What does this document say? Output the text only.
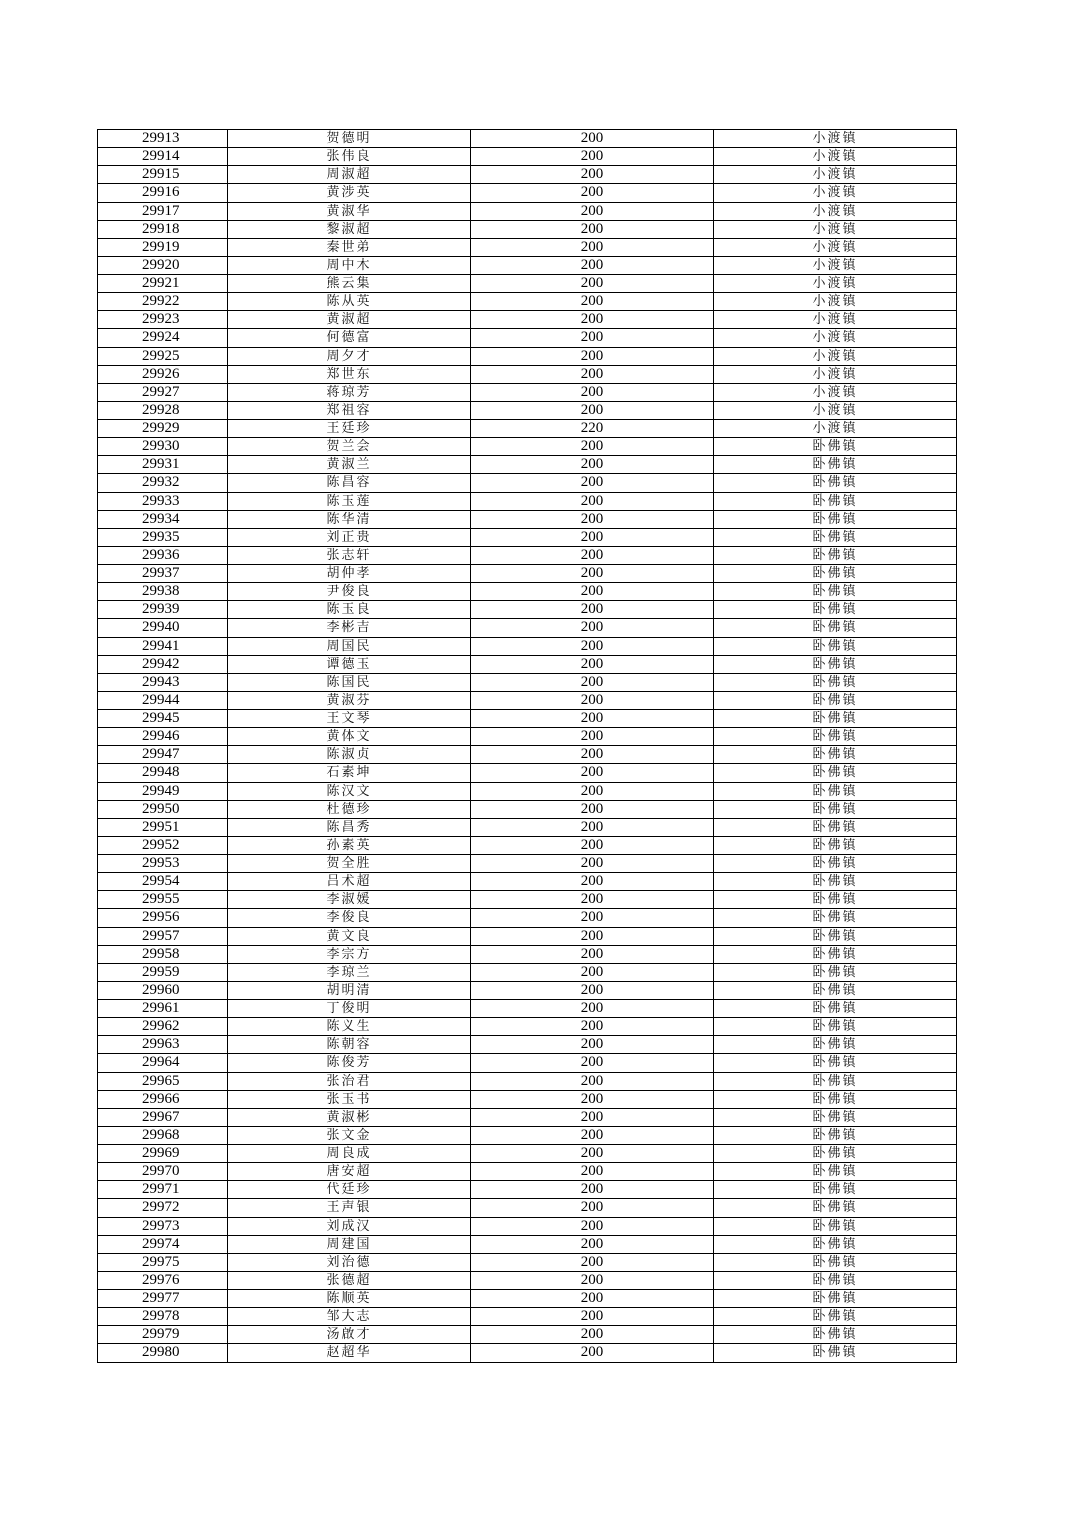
29913	贺德明	200	小渡镇
29914	张伟良	200	小渡镇
29915	周淑超	200	小渡镇
29916	黄涉英	200	小渡镇
29917	黄淑华	200	小渡镇
29918	黎淑超	200	小渡镇
29919	秦世弟	200	小渡镇
29920	周中木	200	小渡镇
29921	熊云集	200	小渡镇
29922	陈从英	200	小渡镇
29923	黄淑超	200	小渡镇
29924	何德富	200	小渡镇
29925	周夕才	200	小渡镇
29926	郑世东	200	小渡镇
29927	蒋琼芳	200	小渡镇
29928	郑祖容	200	小渡镇
29929	王廷珍	220	小渡镇
29930	贺兰会	200	卧佛镇
29931	黄淑兰	200	卧佛镇
29932	陈昌容	200	卧佛镇
29933	陈玉莲	200	卧佛镇
29934	陈华清	200	卧佛镇
29935	刘正贵	200	卧佛镇
29936	张志轩	200	卧佛镇
29937	胡仲孝	200	卧佛镇
29938	尹俊良	200	卧佛镇
29939	陈玉良	200	卧佛镇
29940	李彬吉	200	卧佛镇
29941	周国民	200	卧佛镇
29942	谭德玉	200	卧佛镇
29943	陈国民	200	卧佛镇
29944	黄淑芬	200	卧佛镇
29945	王文琴	200	卧佛镇
29946	黄体文	200	卧佛镇
29947	陈淑贞	200	卧佛镇
29948	石素坤	200	卧佛镇
29949	陈汉文	200	卧佛镇
29950	杜德珍	200	卧佛镇
29951	陈昌秀	200	卧佛镇
29952	孙素英	200	卧佛镇
29953	贺全胜	200	卧佛镇
29954	吕术超	200	卧佛镇
29955	李淑媛	200	卧佛镇
29956	李俊良	200	卧佛镇
29957	黄文良	200	卧佛镇
29958	李宗方	200	卧佛镇
29959	李琼兰	200	卧佛镇
29960	胡明清	200	卧佛镇
29961	丁俊明	200	卧佛镇
29962	陈义生	200	卧佛镇
29963	陈朝容	200	卧佛镇
29964	陈俊芳	200	卧佛镇
29965	张治君	200	卧佛镇
29966	张玉书	200	卧佛镇
29967	黄淑彬	200	卧佛镇
29968	张文金	200	卧佛镇
29969	周良成	200	卧佛镇
29970	唐安超	200	卧佛镇
29971	代廷珍	200	卧佛镇
29972	王声银	200	卧佛镇
29973	刘成汉	200	卧佛镇
29974	周建国	200	卧佛镇
29975	刘治德	200	卧佛镇
29976	张德超	200	卧佛镇
29977	陈顺英	200	卧佛镇
29978	邹大志	200	卧佛镇
29979	汤啟才	200	卧佛镇
29980	赵超华	200	卧佛镇
